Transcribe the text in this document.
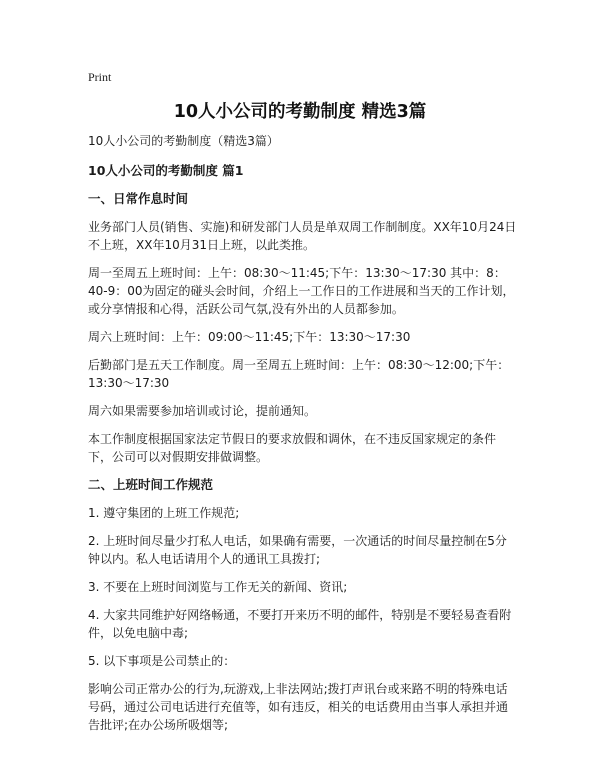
Print
10人小公司的考勤制度 精选3篇

10人小公司的考勤制度（精选3篇）

10人小公司的考勤制度 篇1
一、日常作息时间

业务部门人员(销售、实施)和研发部门人员是单双周工作制制度。XX年10月24日不上班，XX年10月31日上班，以此类推。

周一至周五上班时间：上午：08:30～11:45;下午：13:30～17:30 其中：8：40-9：00为固定的碰头会时间，介绍上一工作日的工作进展和当天的工作计划，或分享情报和心得，活跃公司气氛,没有外出的人员都参加。

周六上班时间：上午：09:00～11:45;下午：13:30～17:30

后勤部门是五天工作制度。周一至周五上班时间：上午：08:30～12:00;下午：13:30～17:30

周六如果需要参加培训或讨论，提前通知。

本工作制度根据国家法定节假日的要求放假和调休，在不违反国家规定的条件下，公司可以对假期安排做调整。

二、上班时间工作规范

1. 遵守集团的上班工作规范;

2. 上班时间尽量少打私人电话，如果确有需要，一次通话的时间尽量控制在5分钟以内。私人电话请用个人的通讯工具拨打;

3. 不要在上班时间浏览与工作无关的新闻、资讯;

4. 大家共同维护好网络畅通，不要打开来历不明的邮件，特别是不要轻易查看附件，以免电脑中毒;

5. 以下事项是公司禁止的：

影响公司正常办公的行为,玩游戏,上非法网站;拨打声讯台或来路不明的特殊电话号码，通过公司电话进行充值等，如有违反，相关的电话费用由当事人承担并通告批评;在办公场所吸烟等;
